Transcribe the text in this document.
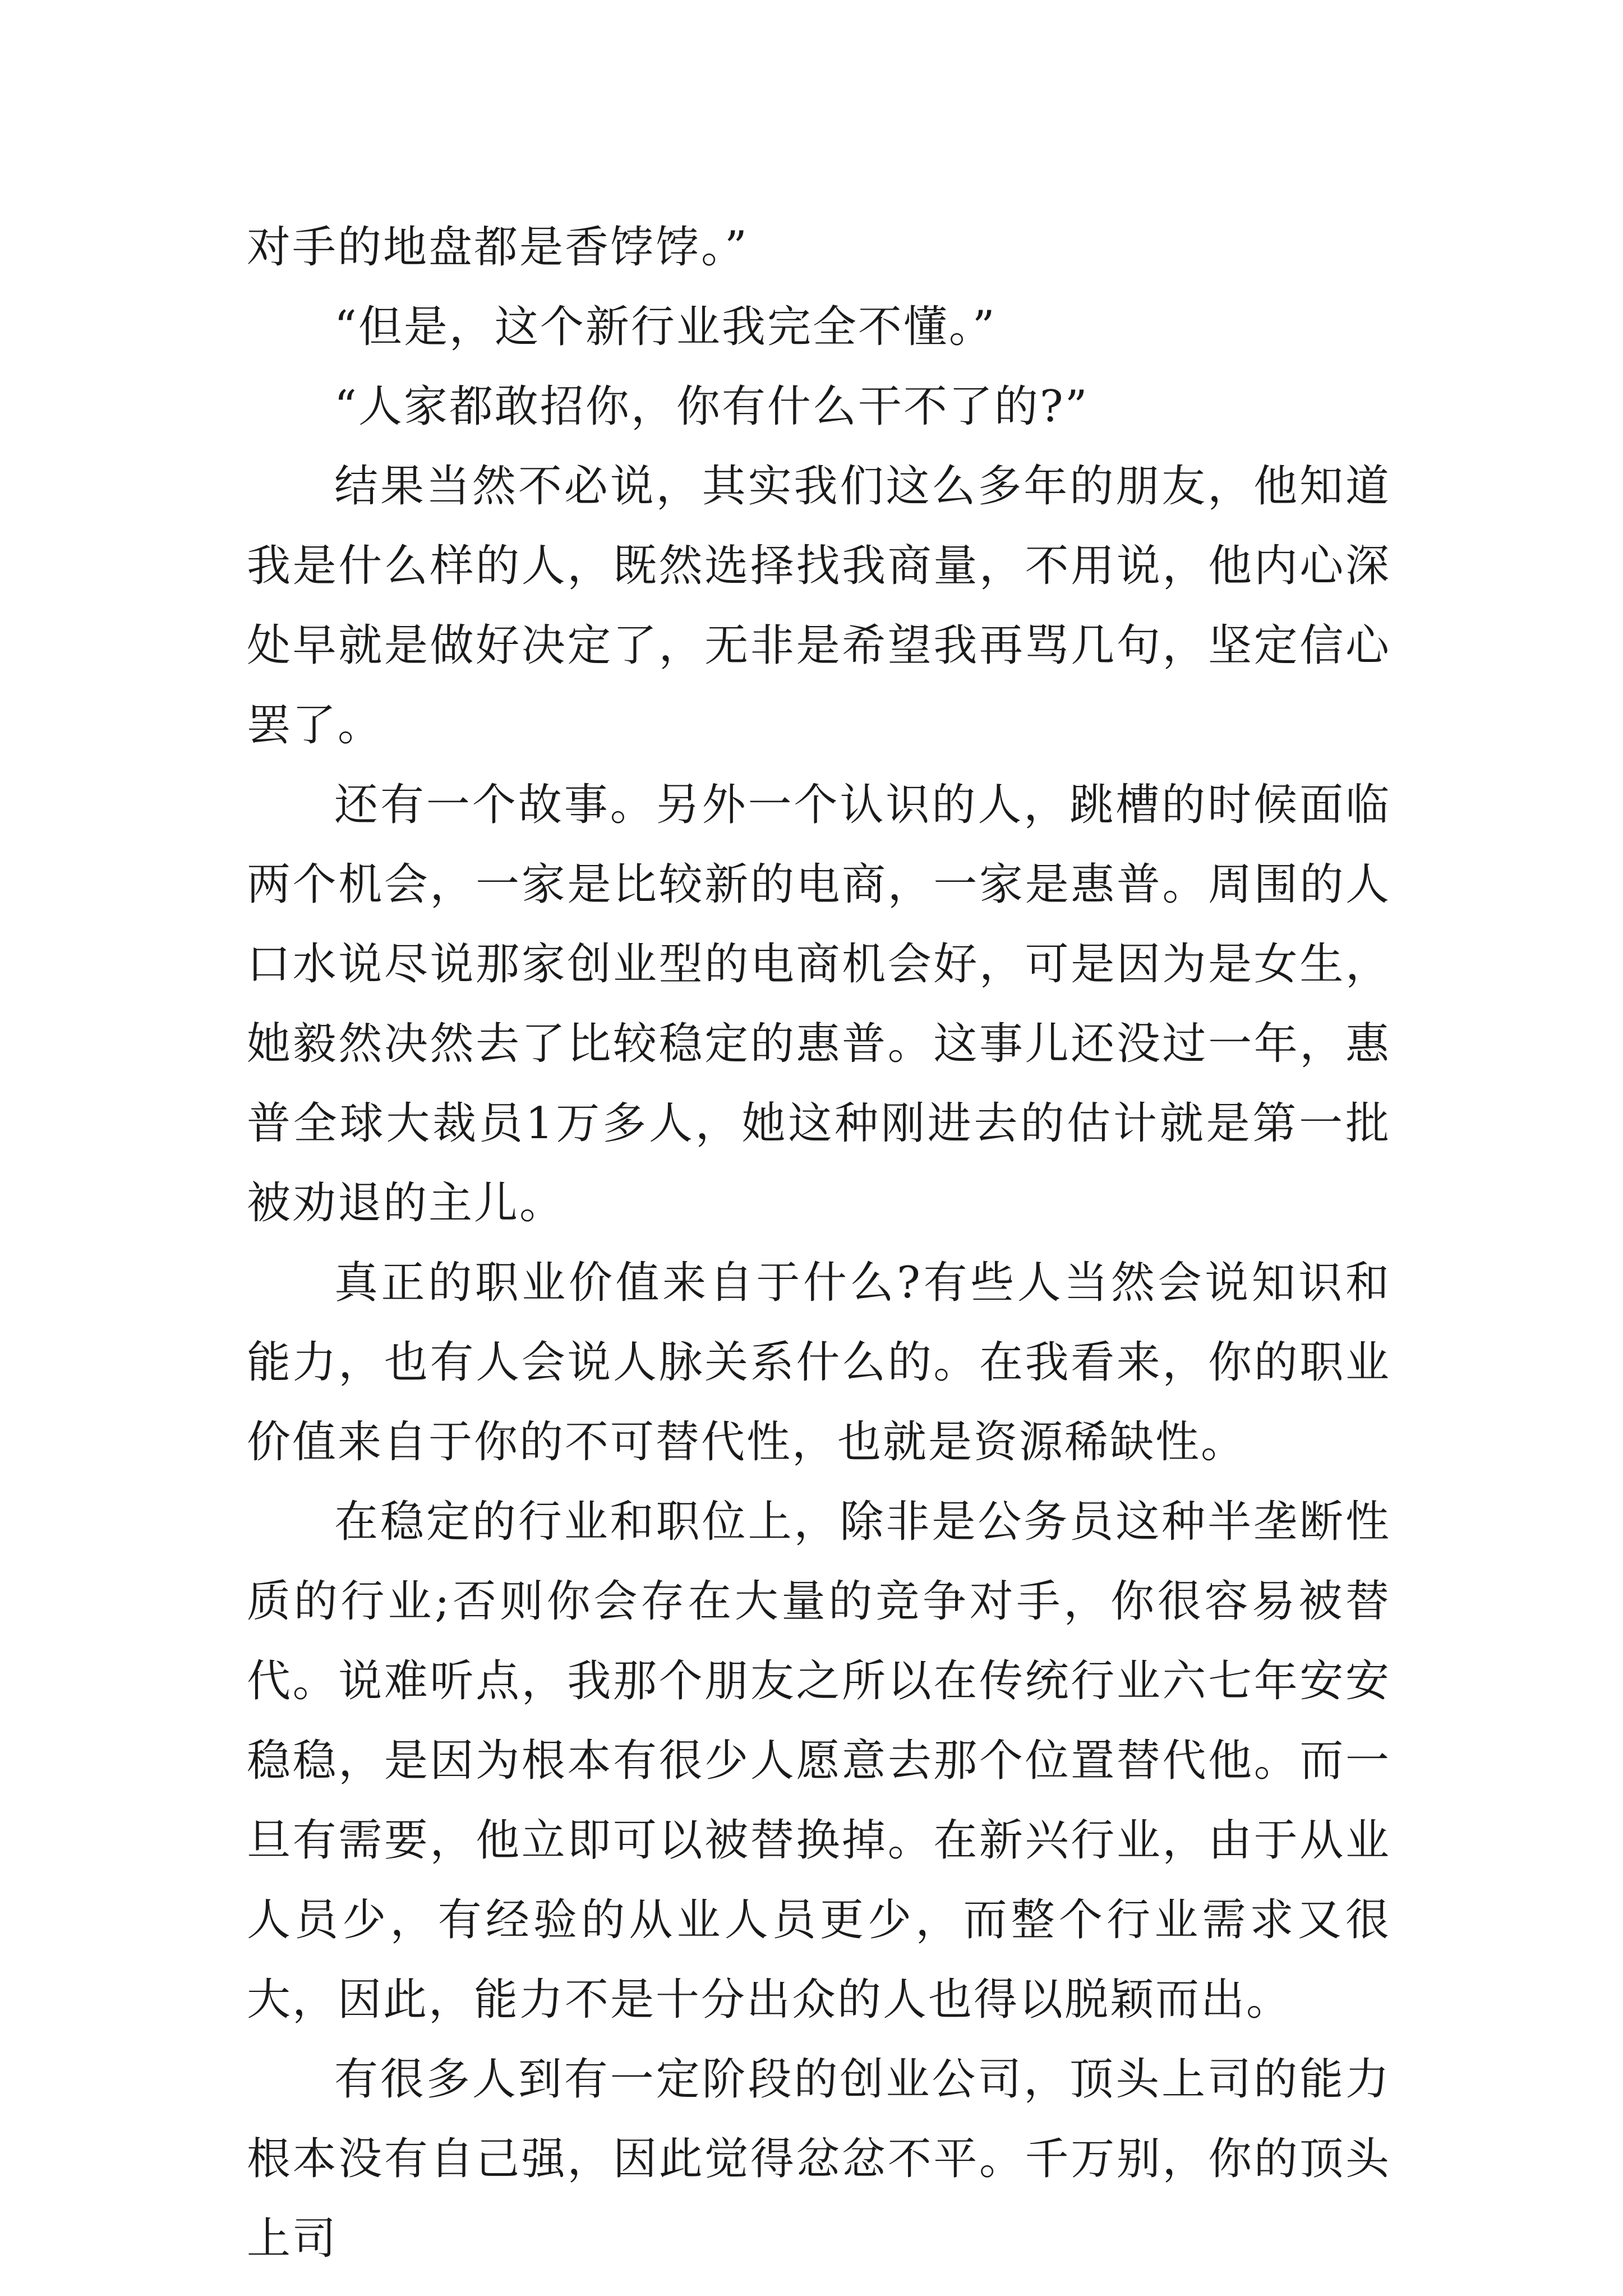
对手的地盘都是香饽饽。”

“但是，这个新行业我完全不懂。”

“人家都敢招你，你有什么干不了的?”

结果当然不必说，其实我们这么多年的朋友，他知道我是什么样的人，既然选择找我商量，不用说，他内心深处早就是做好决定了，无非是希望我再骂几句，坚定信心罢了。

还有一个故事。另外一个认识的人，跳槽的时候面临两个机会，一家是比较新的电商，一家是惠普。周围的人口水说尽说那家创业型的电商机会好，可是因为是女生，她毅然决然去了比较稳定的惠普。这事儿还没过一年，惠普全球大裁员1万多人，她这种刚进去的估计就是第一批被劝退的主儿。

真正的职业价值来自于什么?有些人当然会说知识和能力，也有人会说人脉关系什么的。在我看来，你的职业价值来自于你的不可替代性，也就是资源稀缺性。

在稳定的行业和职位上，除非是公务员这种半垄断性质的行业;否则你会存在大量的竞争对手，你很容易被替代。说难听点，我那个朋友之所以在传统行业六七年安安稳稳，是因为根本有很少人愿意去那个位置替代他。而一旦有需要，他立即可以被替换掉。在新兴行业，由于从业人员少，有经验的从业人员更少，而整个行业需求又很大，因此，能力不是十分出众的人也得以脱颖而出。

有很多人到有一定阶段的创业公司，顶头上司的能力根本没有自己强，因此觉得忿忿不平。千万别，你的顶头上司
